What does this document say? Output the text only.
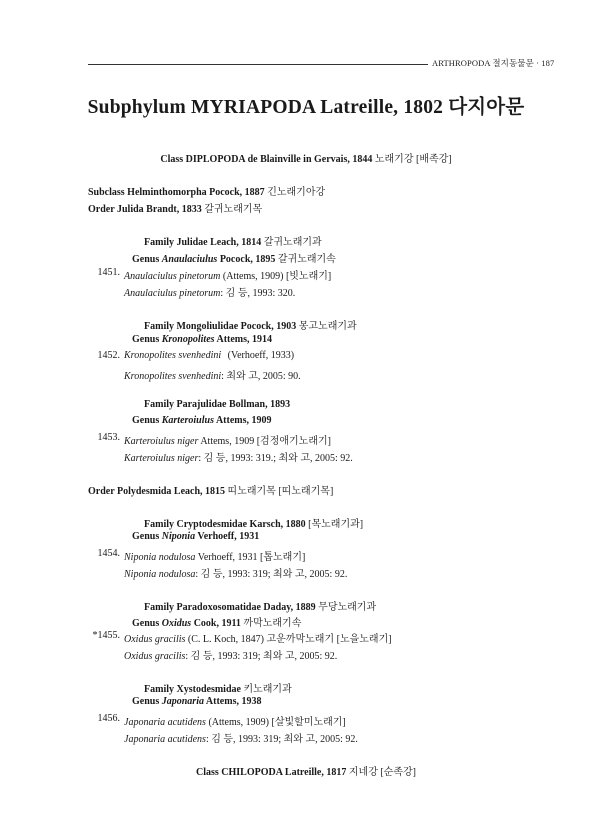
ARTHROPODA 절지동물문 · 187
Subphylum MYRIAPODA Latreille, 1802 다지아문
Class DIPLOPODA de Blainville in Gervais, 1844 노래기강 [배족강]
Subclass Helminthomorpha Pocock, 1887 긴노래기아강
Order Julida Brandt, 1833 갈귀노래기목
Family Julidae Leach, 1814 갈귀노래기과
Genus Anaulaciulus Pocock, 1895 갈귀노래기속
1451. Anaulaciulus pinetorum (Attems, 1909) [빗노래기]
Anaulaciulus pinetorum: 김 등, 1993: 320.
Family Mongoliulidae Pocock, 1903 몽고노래기과
Genus Kronopolites Attems, 1914
1452. Kronopolites svenhedini (Verhoeff, 1933)
Kronopolites svenhedini: 최와 고, 2005: 90.
Family Parajulidae Bollman, 1893
Genus Karteroiulus Attems, 1909
1453. Karteroiulus niger Attems, 1909 [검정애기노래기]
Karteroiulus niger: 김 등, 1993: 319.; 최와 고, 2005: 92.
Order Polydesmida Leach, 1815 띠노래기목 [띠노래기목]
Family Cryptodesmidae Karsch, 1880 [목노래기과]
Genus Niponia Verhoeff, 1931
1454. Niponia nodulosa Verhoeff, 1931 [톱노래기]
Niponia nodulosa: 김 등, 1993: 319; 최와 고, 2005: 92.
Family Paradoxosomatidae Daday, 1889 무당노래기과
Genus Oxidus Cook, 1911 까막노래기속
*1455. Oxidus gracilis (C. L. Koch, 1847) 고운까막노래기 [노을노래기]
Oxidus gracilis: 김 등, 1993: 319; 최와 고, 2005: 92.
Family Xystodesmidae 키노래기과
Genus Japonaria Attems, 1938
1456. Japonaria acutidens (Attems, 1909) [살빛할미노래기]
Japonaria acutidens: 김 등, 1993: 319; 최와 고, 2005: 92.
Class CHILOPODA Latreille, 1817 지네강 [순족강]
